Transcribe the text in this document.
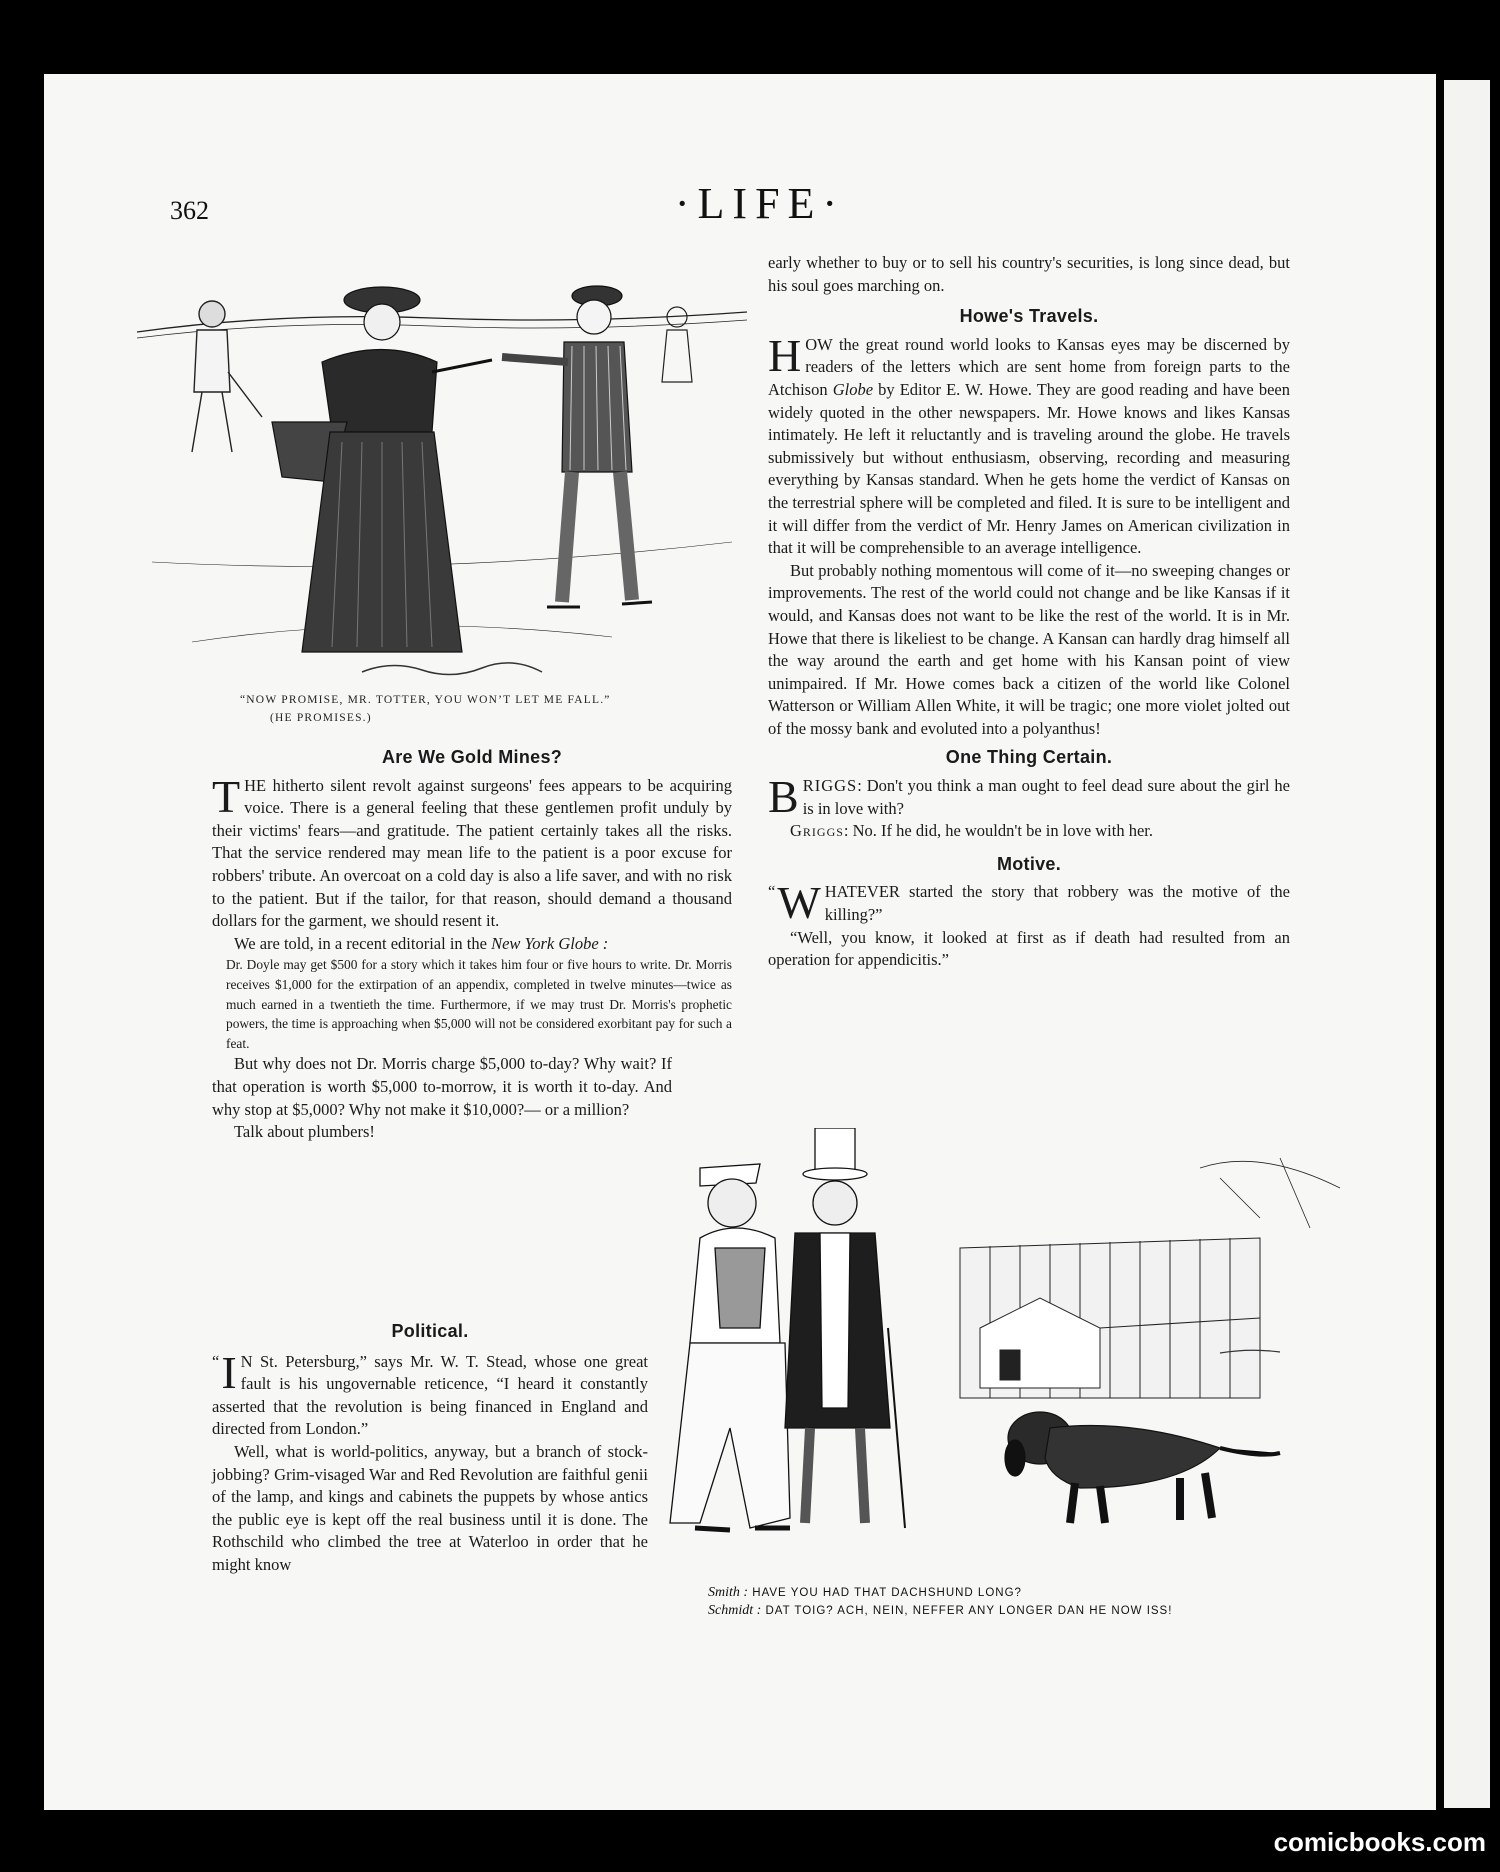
362	·LIFE·
“NOW PROMISE, MR. TOTTER, YOU WON’T LET ME FALL.”
(HE PROMISES.)
Are We Gold Mines?

THE hitherto silent revolt against surgeons' fees appears to be acquiring voice. There is a general feeling that these gentlemen profit unduly by their victims' fears—and gratitude. The patient certainly takes all the risks. That the service rendered may mean life to the patient is a poor excuse for robbers' tribute. An overcoat on a cold day is also a life saver, and with no risk to the patient. But if the tailor, for that reason, should demand a thousand dollars for the garment, we should resent it.

We are told, in a recent editorial in the New York Globe :

Dr. Doyle may get $500 for a story which it takes him four or five hours to write. Dr. Morris receives $1,000 for the extirpation of an appendix, completed in twelve minutes—twice as much earned in a twentieth the time. Furthermore, if we may trust Dr. Morris's prophetic powers, the time is approaching when $5,000 will not be considered exorbitant pay for such a feat.

But why does not Dr. Morris charge $5,000 to-day? Why wait? If that operation is worth $5,000 to-morrow, it is worth it to-day. And why stop at $5,000? Why not make it $10,000?— or a million?

Talk about plumbers!

Political.

“ I N St. Petersburg,” says Mr. W. T. Stead, whose one great fault is his ungovernable reticence, “I heard it constantly asserted that the revolution is being financed in England and directed from London.”

Well, what is world-politics, anyway, but a branch of stock-jobbing? Grim-visaged War and Red Revolution are faithful genii of the lamp, and kings and cabinets the puppets by whose antics the public eye is kept off the real business until it is done. The Rothschild who climbed the tree at Waterloo in order that he might know

early whether to buy or to sell his country's securities, is long since dead, but his soul goes marching on.

Howe's Travels.

HOW the great round world looks to Kansas eyes may be discerned by readers of the letters which are sent home from foreign parts to the Atchison Globe by Editor E. W. Howe. They are good reading and have been widely quoted in the other newspapers. Mr. Howe knows and likes Kansas intimately. He left it reluctantly and is traveling around the globe. He travels submissively but without enthusiasm, observing, recording and measuring everything by Kansas standard. When he gets home the verdict of Kansas on the terrestrial sphere will be completed and filed. It is sure to be intelligent and it will differ from the verdict of Mr. Henry James on American civilization in that it will be comprehensible to an average intelligence.

But probably nothing momentous will come of it—no sweeping changes or improvements. The rest of the world could not change and be like Kansas if it would, and Kansas does not want to be like the rest of the world. It is in Mr. Howe that there is likeliest to be change. A Kansan can hardly drag himself all the way around the earth and get home with his Kansan point of view unimpaired. If Mr. Howe comes back a citizen of the world like Colonel Watterson or William Allen White, it will be tragic; one more violet jolted out of the mossy bank and evoluted into a polyanthus!

One Thing Certain.

BRIGGS: Don't you think a man ought to feel dead sure about the girl he is in love with?

Griggs: No. If he did, he wouldn't be in love with her.

Motive.

“ W HATEVER started the story that robbery was the motive of the killing?”

“Well, you know, it looked at first as if death had resulted from an operation for appendicitis.”

Smith : HAVE YOU HAD THAT DACHSHUND LONG?
Schmidt : DAT TOIG? ACH, NEIN, NEFFER ANY LONGER DAN HE NOW ISS!
comicbooks.com
